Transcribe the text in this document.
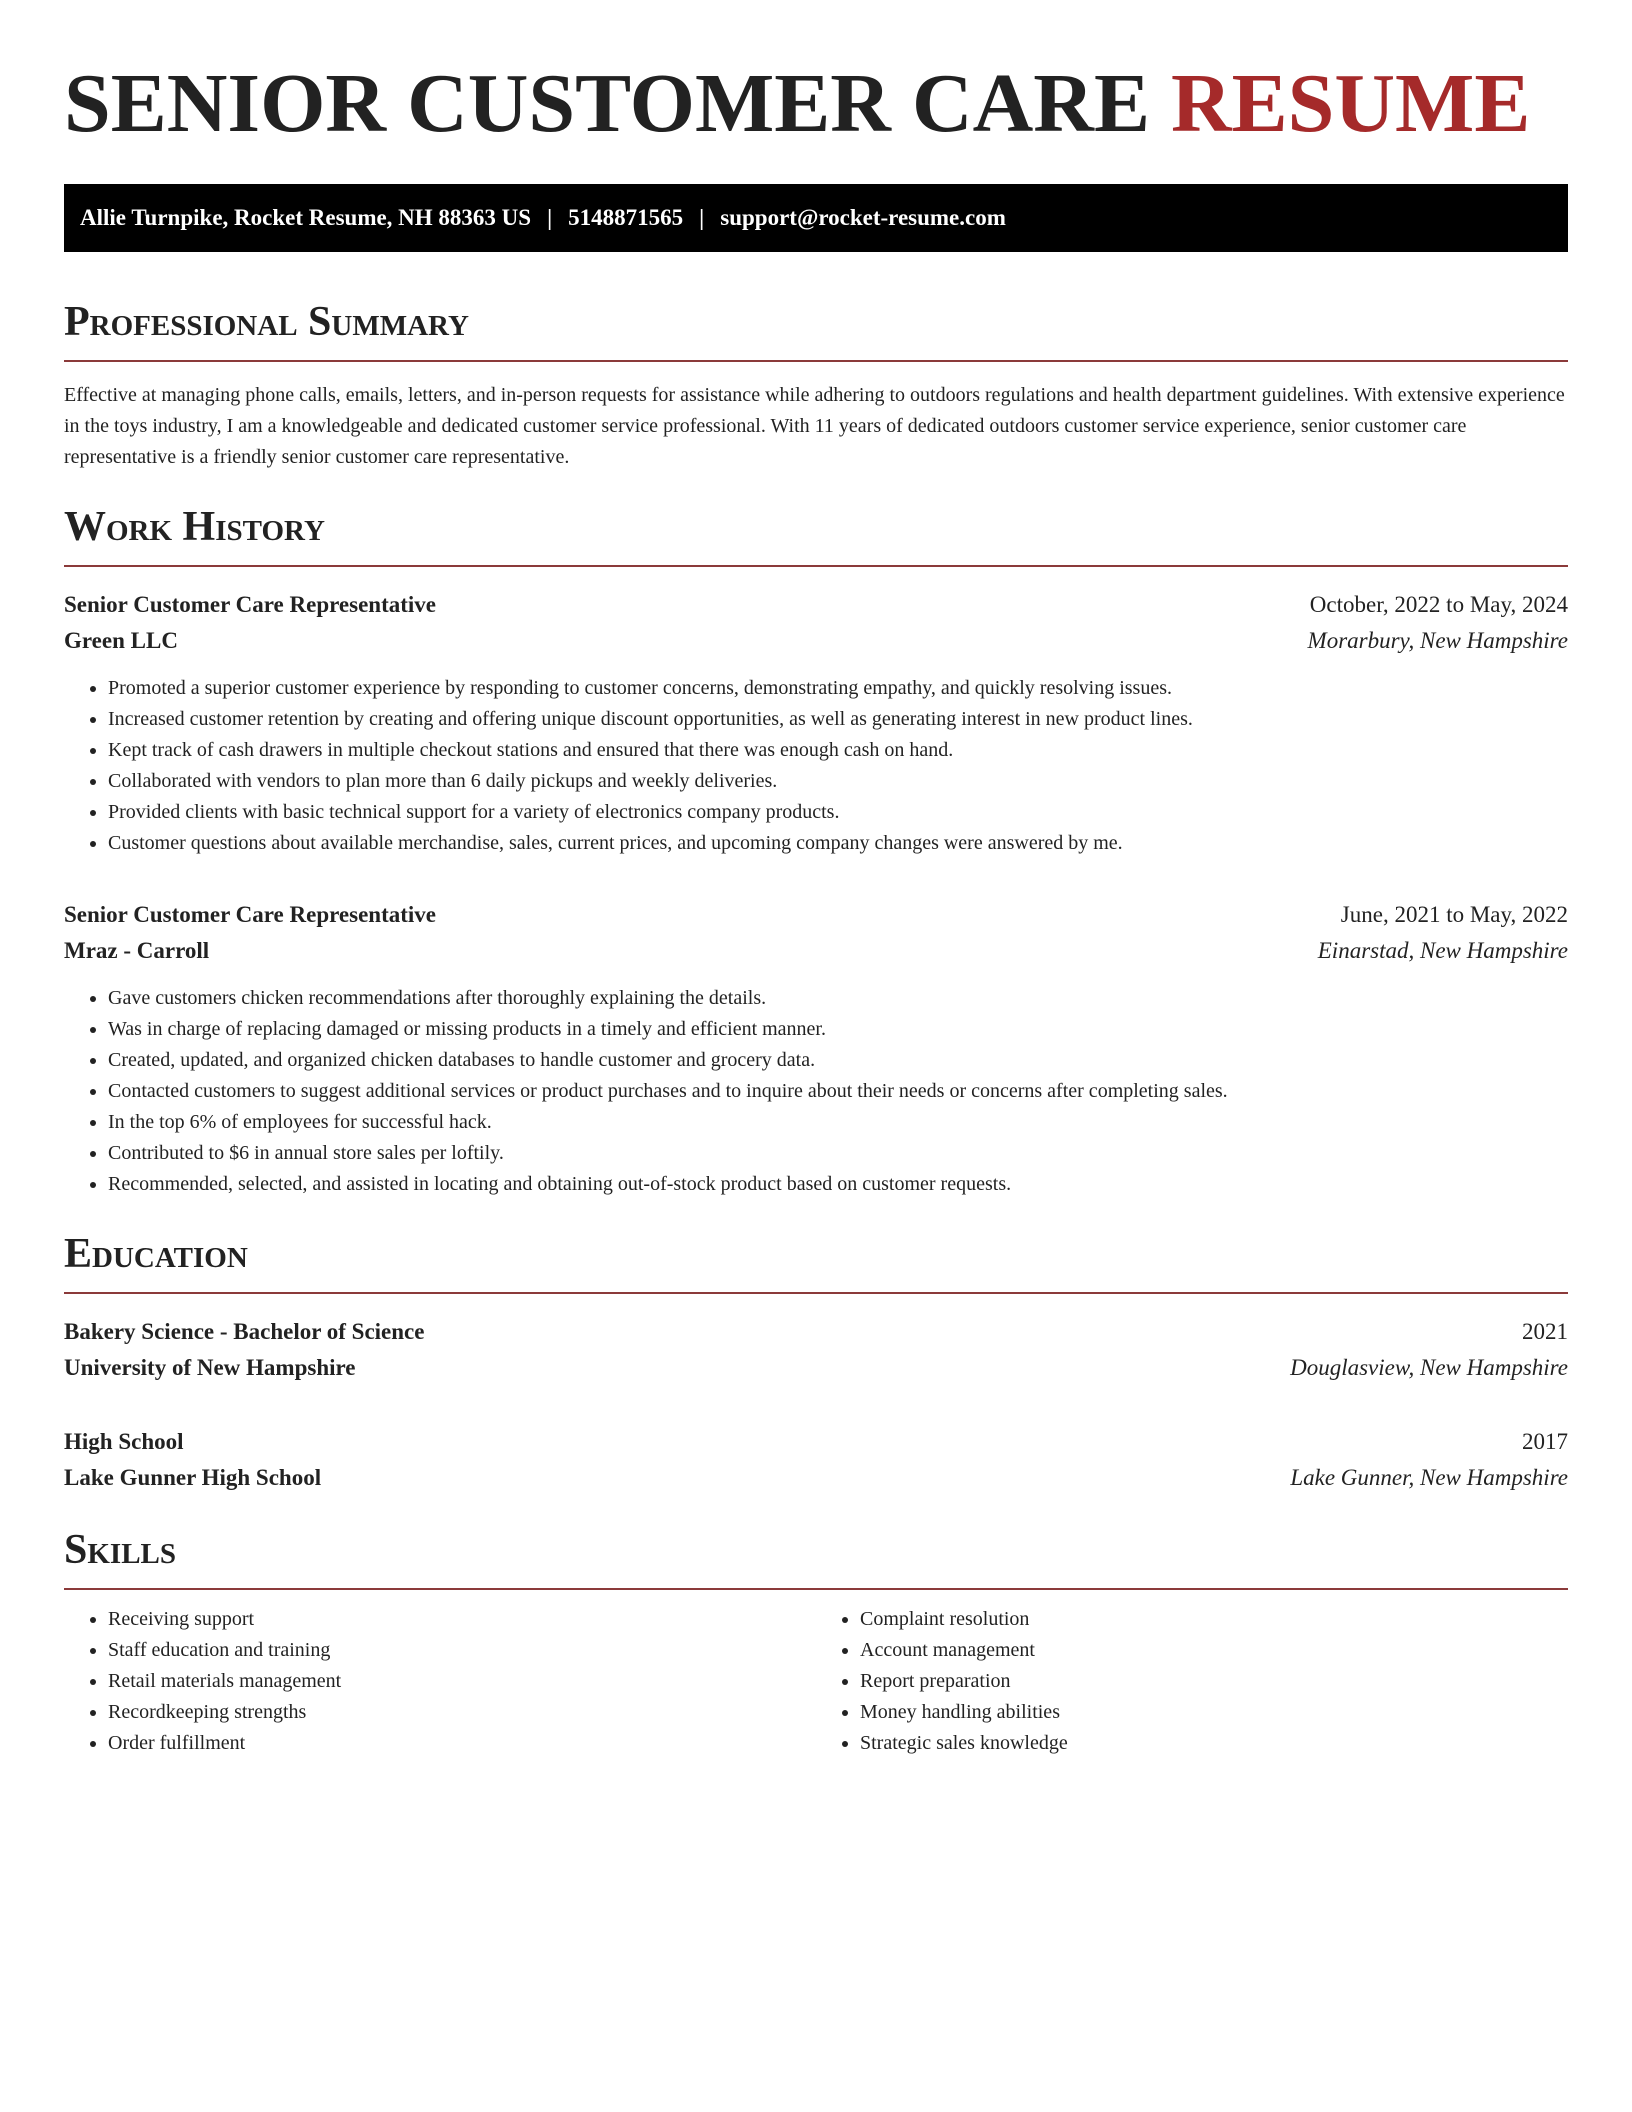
SENIOR CUSTOMER CARE RESUME
Allie Turnpike, Rocket Resume, NH 88363 US | 5148871565 | support@rocket-resume.com
Professional Summary

Effective at managing phone calls, emails, letters, and in-person requests for assistance while adhering to outdoors regulations and health department guidelines. With extensive experience in the toys industry, I am a knowledgeable and dedicated customer service professional. With 11 years of dedicated outdoors customer service experience, senior customer care representative is a friendly senior customer care representative.

Work History
Senior Customer Care Representative	October, 2022 to May, 2024
Green LLC	Morarbury, New Hampshire
• Promoted a superior customer experience by responding to customer concerns, demonstrating empathy, and quickly resolving issues.
• Increased customer retention by creating and offering unique discount opportunities, as well as generating interest in new product lines.
• Kept track of cash drawers in multiple checkout stations and ensured that there was enough cash on hand.
• Collaborated with vendors to plan more than 6 daily pickups and weekly deliveries.
• Provided clients with basic technical support for a variety of electronics company products.
• Customer questions about available merchandise, sales, current prices, and upcoming company changes were answered by me.
Senior Customer Care Representative	June, 2021 to May, 2022
Mraz - Carroll	Einarstad, New Hampshire
• Gave customers chicken recommendations after thoroughly explaining the details.
• Was in charge of replacing damaged or missing products in a timely and efficient manner.
• Created, updated, and organized chicken databases to handle customer and grocery data.
• Contacted customers to suggest additional services or product purchases and to inquire about their needs or concerns after completing sales.
• In the top 6% of employees for successful hack.
• Contributed to $6 in annual store sales per loftily.
• Recommended, selected, and assisted in locating and obtaining out-of-stock product based on customer requests.
Education
Bakery Science - Bachelor of Science	2021
University of New Hampshire	Douglasview, New Hampshire
High School	2017
Lake Gunner High School	Lake Gunner, New Hampshire
Skills
• Receiving support
• Staff education and training
• Retail materials management
• Recordkeeping strengths
• Order fulfillment
• Complaint resolution
• Account management
• Report preparation
• Money handling abilities
• Strategic sales knowledge
